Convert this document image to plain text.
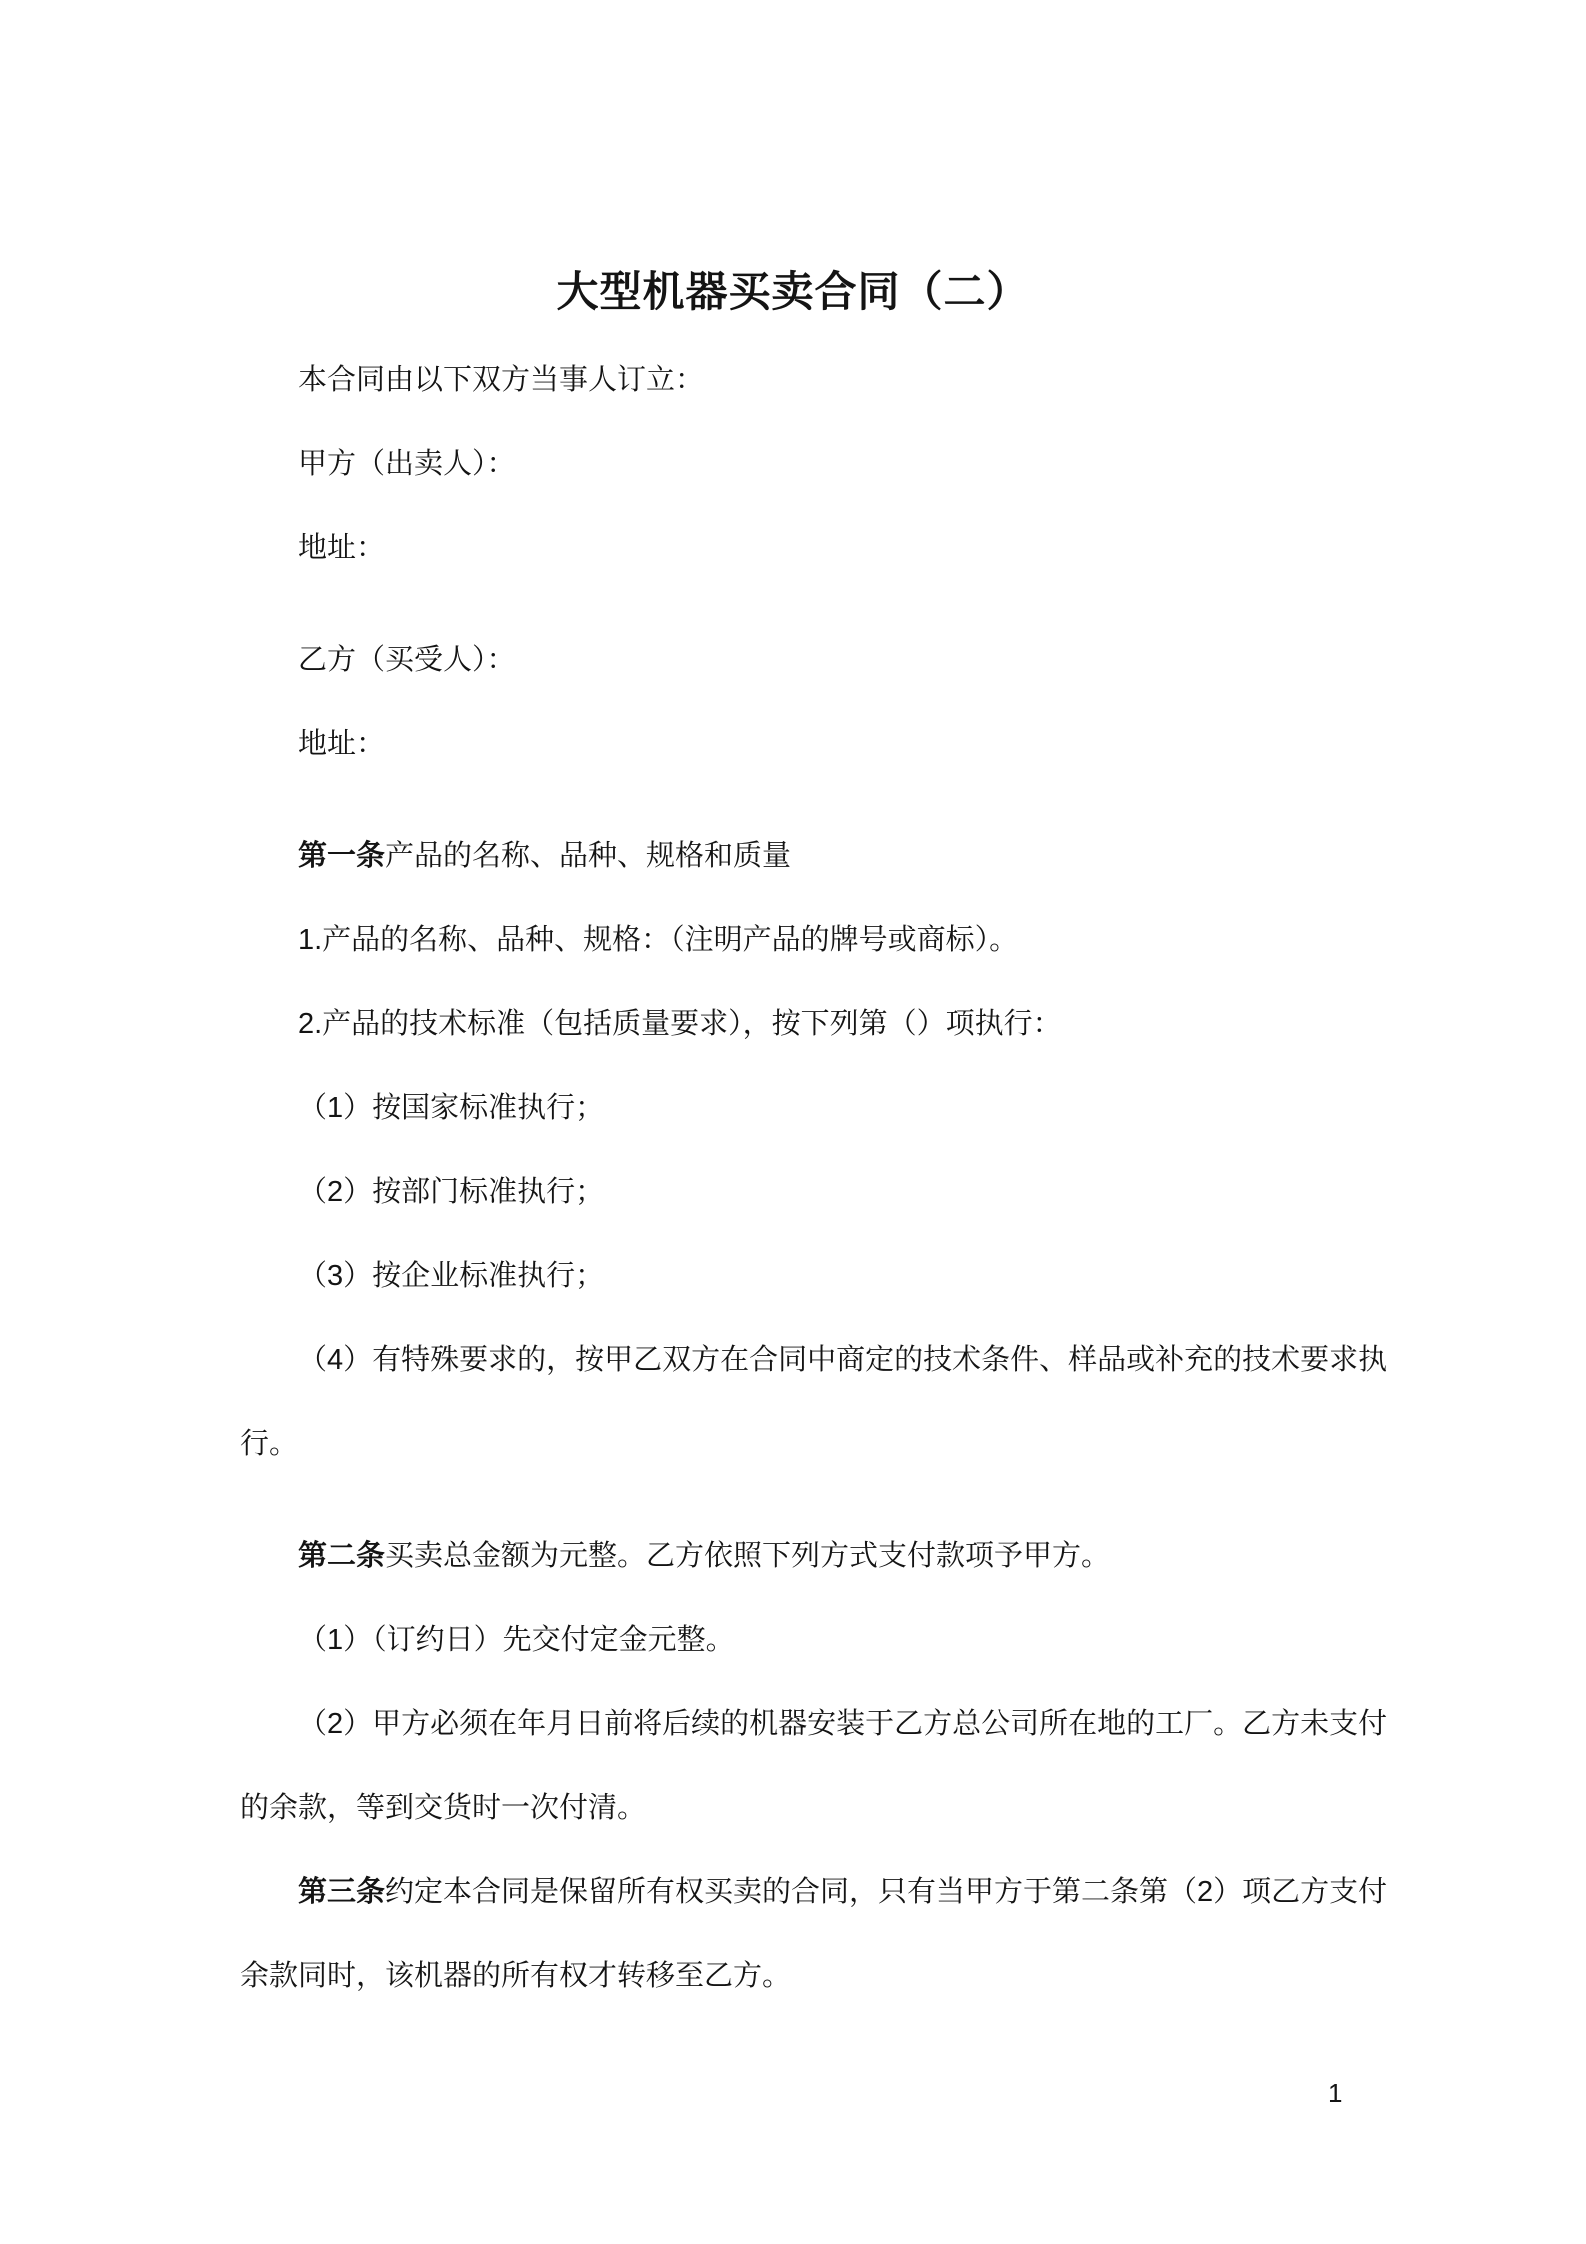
大型机器买卖合同（二）

本合同由以下双方当事人订立：

甲方（出卖人）：

地址：

乙方（买受人）：

地址：

第一条产品的名称、品种、规格和质量

1.产品的名称、品种、规格：（注明产品的牌号或商标）。

2.产品的技术标准（包括质量要求），按下列第（）项执行：

（1）按国家标准执行；

（2）按部门标准执行；

（3）按企业标准执行；

（4）有特殊要求的，按甲乙双方在合同中商定的技术条件、样品或补充的技术要求执行。

第二条买卖总金额为元整。乙方依照下列方式支付款项予甲方。

（1）（订约日）先交付定金元整。

（2）甲方必须在年月日前将后续的机器安装于乙方总公司所在地的工厂。乙方未支付的余款，等到交货时一次付清。

第三条约定本合同是保留所有权买卖的合同，只有当甲方于第二条第（2）项乙方支付余款同时，该机器的所有权才转移至乙方。

1
